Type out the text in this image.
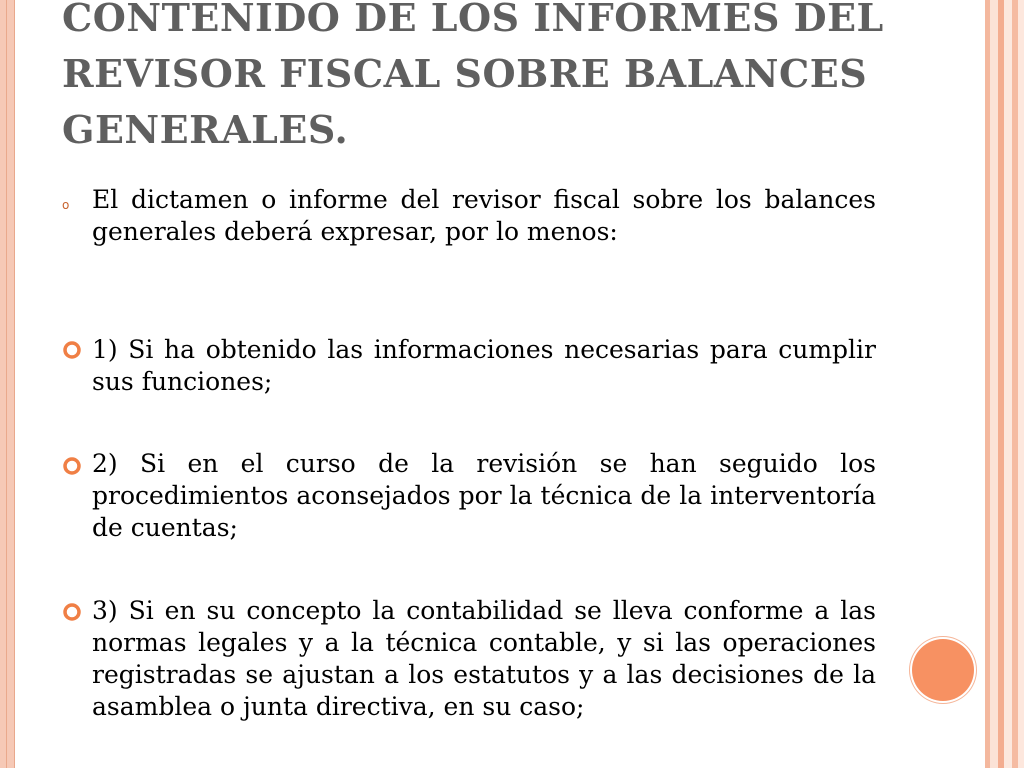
CONTENIDO DE LOS INFORMES DEL REVISOR FISCAL SOBRE BALANCES GENERALES.
o El dictamen o informe del revisor fiscal sobre los balances generales deberá expresar, por lo menos:

1) Si ha obtenido las informaciones necesarias para cumplir sus funciones;

2) Si en el curso de la revisión se han seguido los procedimientos aconsejados por la técnica de la interventoría de cuentas;

3) Si en su concepto la contabilidad se lleva conforme a las normas legales y a la técnica contable, y si las operaciones registradas se ajustan a los estatutos y a las decisiones de la asamblea o junta directiva, en su caso;
